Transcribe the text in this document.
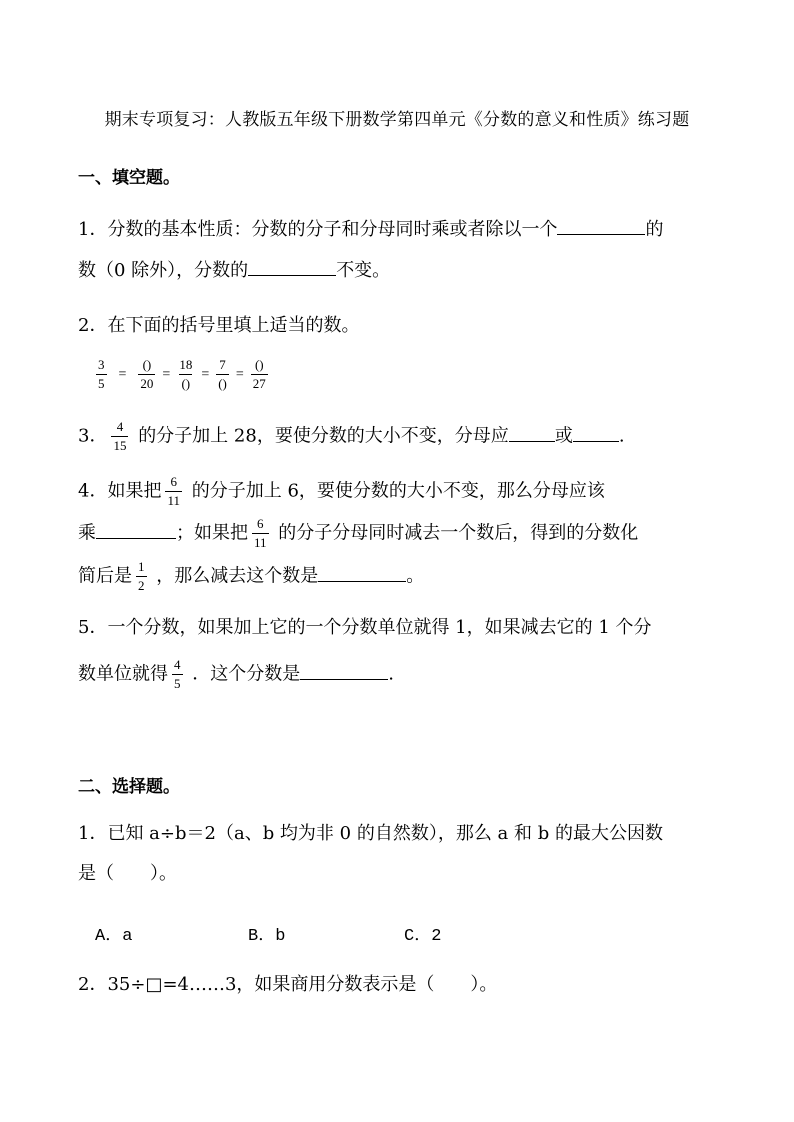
期末专项复习：人教版五年级下册数学第四单元《分数的意义和性质》练习题
一、填空题。
1．分数的基本性质：分数的分子和分母同时乘或者除以一个	的
数（0 除外），分数的	不变。
2．在下面的括号里填上适当的数。
$\frac{3}{5} = \frac{()}{20} = \frac{18}{()} = \frac{7}{()} = \frac{()}{27}$
3． $\frac{4}{15}$ 的分子加上 28，要使分数的大小不变，分母应	或	.
4．如果把 $\frac{6}{11}$ 的分子加上 6，要使分数的大小不变，那么分母应该
乘	；如果把 $\frac{6}{11}$ 的分子分母同时减去一个数后，得到的分数化
简后是 $\frac{1}{2}$ ，那么减去这个数是	。
5．一个分数，如果加上它的一个分数单位就得 1，如果减去它的 1 个分
数单位就得 $\frac{4}{5}$ ．这个分数是	.
二、选择题。
1．已知 a÷b＝2（a、b 均为非 0 的自然数），那么 a 和 b 的最大公因数
是（　　）。
A．a	B．b	C．2
2．35÷□=4……3，如果商用分数表示是（　　）。
